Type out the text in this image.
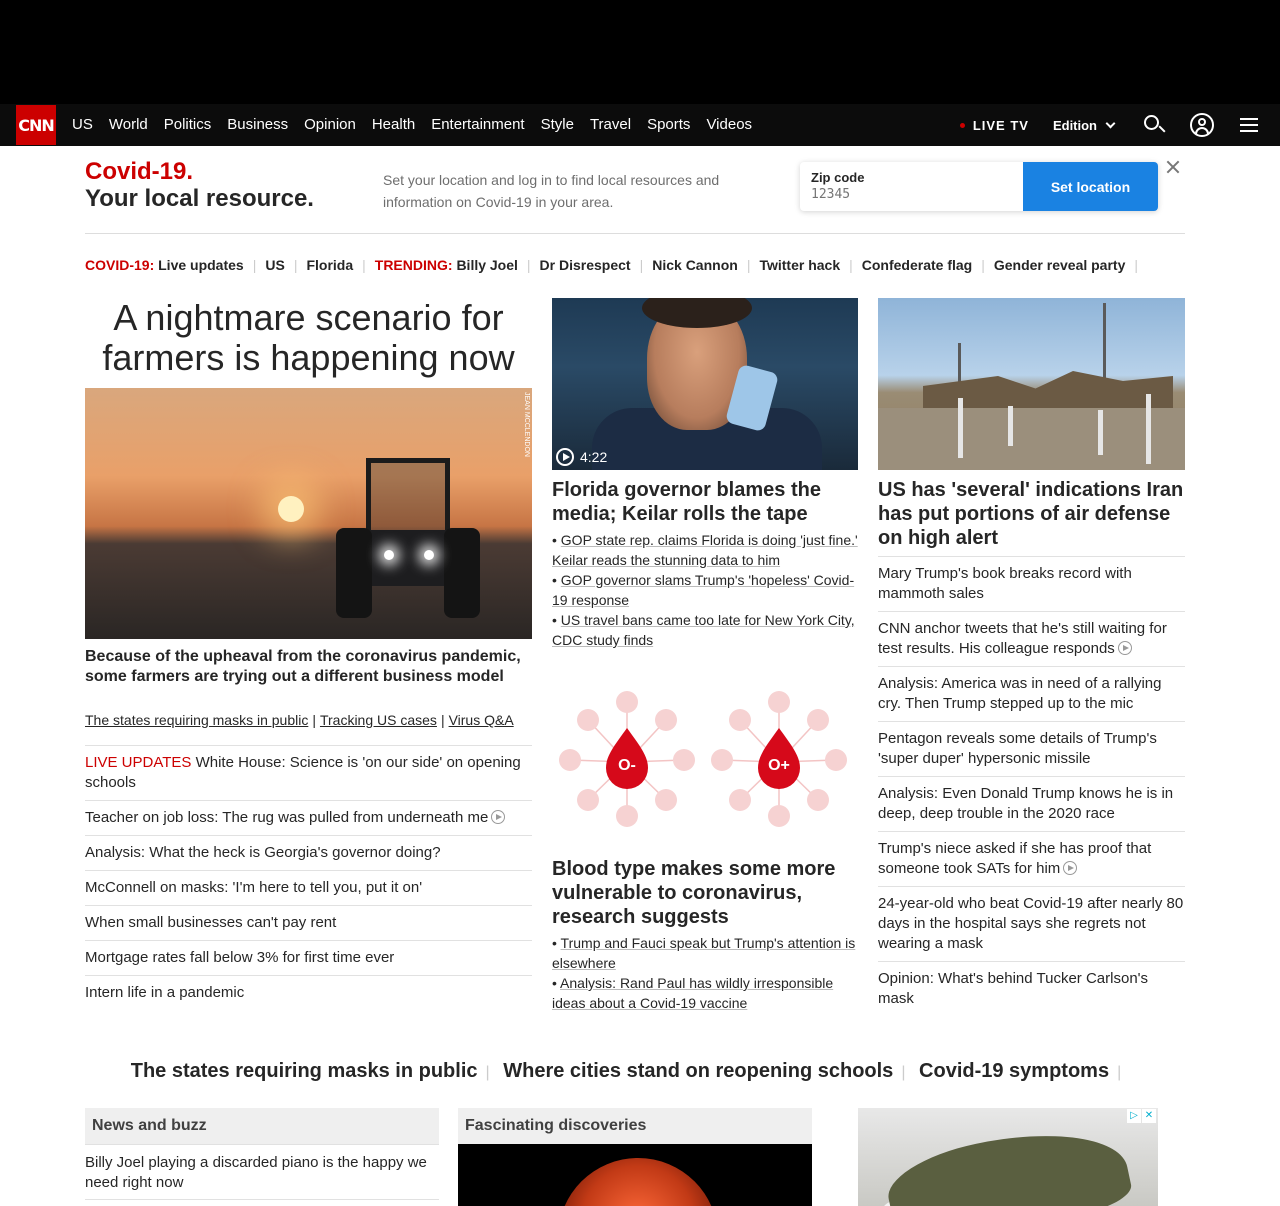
CNN	US	World	Politics	Business	Opinion	Health	Entertainment	Style	Travel	Sports	Videos	LIVE TV Edition
Covid-19.
Your local resource.
Set your location and log in to find local resources and information on Covid-19 in your area.
Zip code
12345
Set location
COVID-19:
Live updates | US | Florida | TRENDING:
Billy Joel | Dr Disrespect | Nick Cannon | Twitter hack | Confederate flag | Gender reveal party |
A nightmare scenario for farmers is happening now
JEAN MCCLENDON
Because of the upheaval from the coronavirus pandemic, some farmers are trying out a different business model
The states requiring masks in public | Tracking US cases | Virus Q&A
LIVE UPDATES White House: Science is 'on our side' on opening schools
Teacher on job loss: The rug was pulled from underneath me
Analysis: What the heck is Georgia's governor doing?
McConnell on masks: 'I'm here to tell you, put it on'
When small businesses can't pay rent
Mortgage rates fall below 3% for first time ever
Intern life in a pandemic
4:22
Florida governor blames the media; Keilar rolls the tape
• GOP state rep. claims Florida is doing 'just fine.' Keilar reads the stunning data to him
• GOP governor slams Trump's 'hopeless' Covid-19 response
• US travel bans came too late for New York City, CDC study finds
O-	O+
Blood type makes some more vulnerable to coronavirus, research suggests
• Trump and Fauci speak but Trump's attention is elsewhere
• Analysis: Rand Paul has wildly irresponsible ideas about a Covid-19 vaccine
US has 'several' indications Iran has put portions of air defense on high alert
Mary Trump's book breaks record with mammoth sales
CNN anchor tweets that he's still waiting for test results. His colleague responds
Analysis: America was in need of a rallying cry. Then Trump stepped up to the mic
Pentagon reveals some details of Trump's 'super duper' hypersonic missile
Analysis: Even Donald Trump knows he is in deep, deep trouble in the 2020 race
Trump's niece asked if she has proof that someone took SATs for him
24-year-old who beat Covid-19 after nearly 80 days in the hospital says she regrets not wearing a mask
Opinion: What's behind Tucker Carlson's mask
The states requiring masks in public | Where cities stand on reopening schools | Covid-19 symptoms |
News and buzz
Billy Joel playing a discarded piano is the happy we need right now
Fascinating discoveries
▷ ✕
